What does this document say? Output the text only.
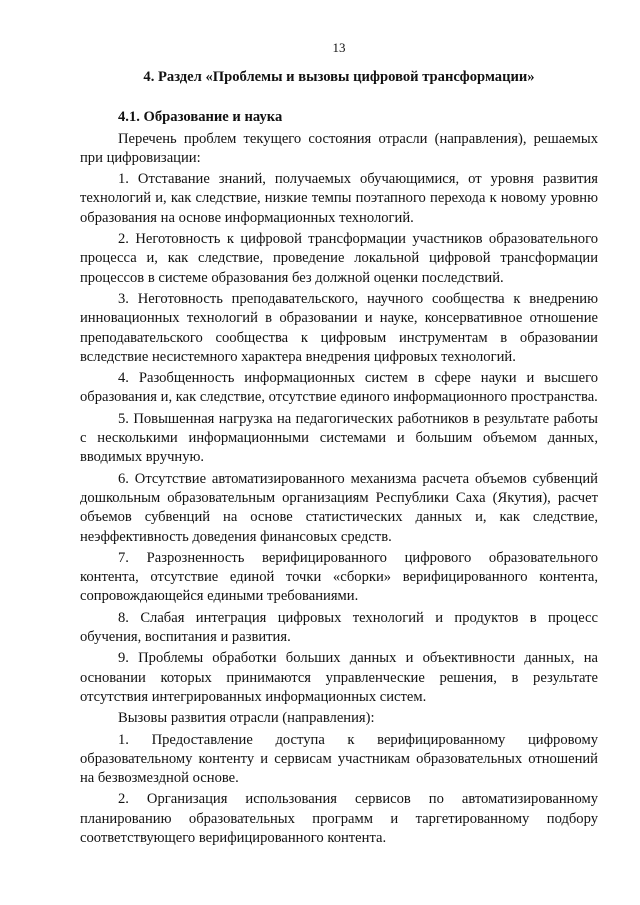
13
4. Раздел «Проблемы и вызовы цифровой трансформации»
4.1. Образование и наука

Перечень проблем текущего состояния отрасли (направления), решаемых при цифровизации:

1. Отставание знаний, получаемых обучающимися, от уровня развития технологий и, как следствие, низкие темпы поэтапного перехода к новому уровню образования на основе информационных технологий.

2. Неготовность к цифровой трансформации участников образовательного процесса и, как следствие, проведение локальной цифровой трансформации процессов в системе образования без должной оценки последствий.

3. Неготовность преподавательского, научного сообщества к внедрению инновационных технологий в образовании и науке, консервативное отношение преподавательского сообщества к цифровым инструментам в образовании вследствие несистемного характера внедрения цифровых технологий.

4. Разобщенность информационных систем в сфере науки и высшего образования и, как следствие, отсутствие единого информационного пространства.

5. Повышенная нагрузка на педагогических работников в результате работы с несколькими информационными системами и большим объемом данных, вводимых вручную.

6. Отсутствие автоматизированного механизма расчета объемов субвенций дошкольным образовательным организациям Республики Саха (Якутия), расчет объемов субвенций на основе статистических данных и, как следствие, неэффективность доведения финансовых средств.

7. Разрозненность верифицированного цифрового образовательного контента, отсутствие единой точки «сборки» верифицированного контента, сопровождающейся едиными требованиями.

8. Слабая интеграция цифровых технологий и продуктов в процесс обучения, воспитания и развития.

9. Проблемы обработки больших данных и объективности данных, на основании которых принимаются управленческие решения, в результате отсутствия интегрированных информационных систем.

Вызовы развития отрасли (направления):

1. Предоставление доступа к верифицированному цифровому образовательному контенту и сервисам участникам образовательных отношений на безвозмездной основе.

2. Организация использования сервисов по автоматизированному планированию образовательных программ и таргетированному подбору соответствующего верифицированного контента.
